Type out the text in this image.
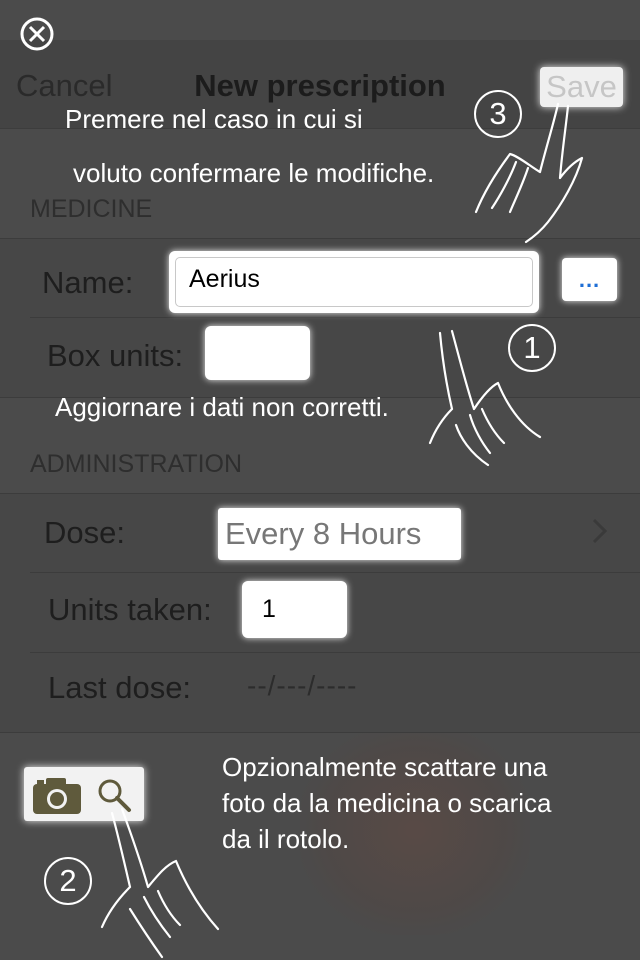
Cancel	New prescription	Save
MEDICINE
Name:	Aerius	...
Box units:
ADMINISTRATION
Dose:	Every 8 Hours
Units taken:	1
Last dose: --/---/----
Premere nel caso in cui si
voluto confermare le modifiche.
3
Aggiornare i dati non corretti.
1
Opzionalmente scattare una
foto da la medicina o scarica
da il rotolo.
2
